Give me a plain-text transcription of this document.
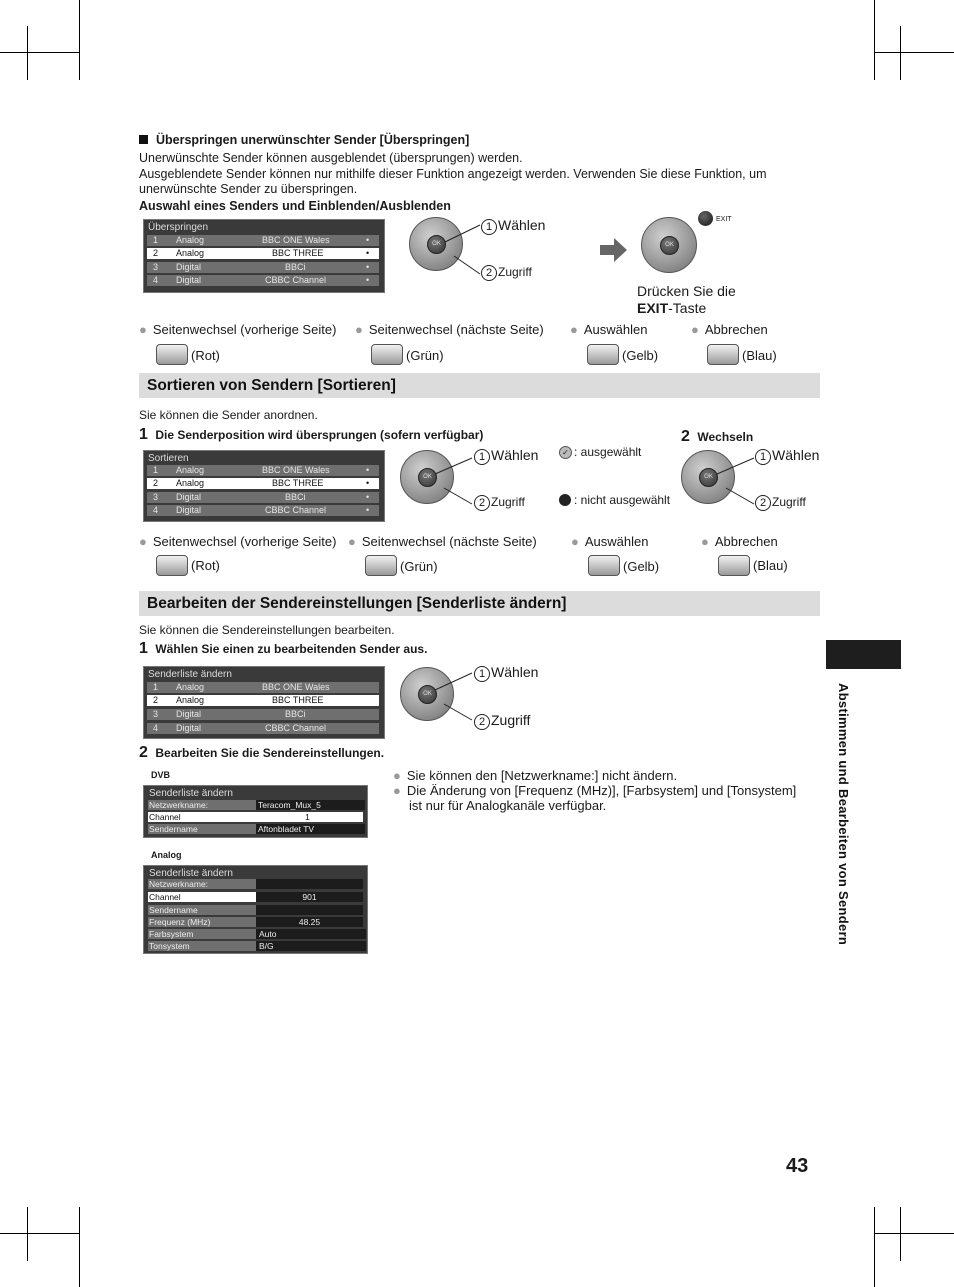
Abstimmen und Bearbeiten von Sendern
Überspringen unerwünschter Sender [Überspringen]
Unerwünschte Sender können ausgeblendet (übersprungen) werden.
Ausgeblendete Sender können nur mithilfe dieser Funktion angezeigt werden. Verwenden Sie diese Funktion, um
unerwünschte Sender zu überspringen.
Auswahl eines Senders und Einblenden/Ausblenden
Überspringen
1 Analog	BBC ONE Wales	•
2 Analog	BBC THREE	•
3 Digital	BBCi	•
4 Digital	CBBC Channel	•
OK
1 Wählen
2 Zugriff
OK
EXIT
Drücken Sie die
EXIT-Taste
● Seitenwechsel (vorherige Seite) ● Seitenwechsel (nächste Seite) ● Auswählen	● Abbrechen
(Rot)	(Grün)	(Gelb)	(Blau)
Sortieren von Sendern [Sortieren]
Sie können die Sender anordnen.
1 Die Senderposition wird übersprungen (sofern verfügbar)
Sortieren
1 Analog	BBC ONE Wales	•
2 Analog	BBC THREE	•
3 Digital	BBCi	•
4 Digital	CBBC Channel	•
OK
1 Wählen
2 Zugriff
✓ : ausgewählt
: nicht ausgewählt
2 Wechseln
OK
1 Wählen
2 Zugriff
● Seitenwechsel (vorherige Seite) ● Seitenwechsel (nächste Seite)	● Auswählen	● Abbrechen
(Rot)	(Grün)	(Gelb)	(Blau)
Bearbeiten der Sendereinstellungen [Senderliste ändern]
Sie können die Sendereinstellungen bearbeiten.
1 Wählen Sie einen zu bearbeitenden Sender aus.
Senderliste ändern
1 Analog	BBC ONE Wales
2 Analog	BBC THREE
3 Digital	BBCi
4 Digital	CBBC Channel
OK
1 Wählen
2 Zugriff
2 Bearbeiten Sie die Sendereinstellungen.
DVB
Senderliste ändern
Netzwerkname:	Teracom_Mux_5
Channel	1
Sendername	Aftonbladet TV
Analog
Senderliste ändern
Netzwerkname:
Channel	901
Sendername
Frequenz (MHz)	48.25
Farbsystem	Auto
Tonsystem	B/G
● Sie können den [Netzwerkname:] nicht ändern.
● Die Änderung von [Frequenz (MHz)], [Farbsystem] und [Tonsystem]
ist nur für Analogkanäle verfügbar.
43
